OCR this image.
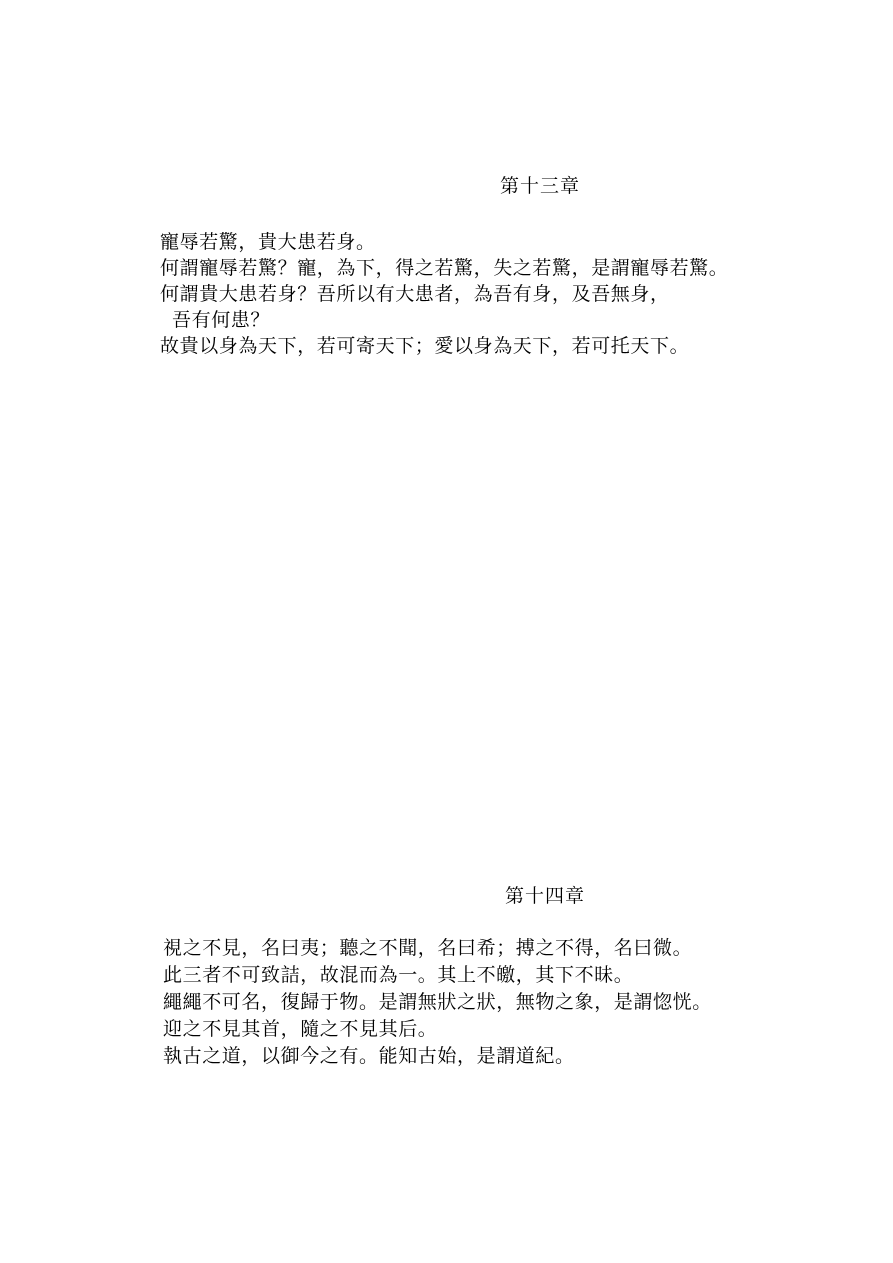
第十三章
寵辱若驚，貴大患若身。
何謂寵辱若驚？寵，為下，得之若驚，失之若驚，是謂寵辱若驚。
何謂貴大患若身？吾所以有大患者，為吾有身，及吾無身，
吾有何患？
故貴以身為天下，若可寄天下；愛以身為天下，若可托天下。
第十四章
視之不見，名曰夷；聽之不聞，名曰希；搏之不得，名曰微。
此三者不可致詰，故混而為一。其上不皦，其下不昧。
繩繩不可名，復歸于物。是謂無狀之狀，無物之象，是謂惚恍。
迎之不見其首，隨之不見其后。
執古之道，以御今之有。能知古始，是謂道紀。
